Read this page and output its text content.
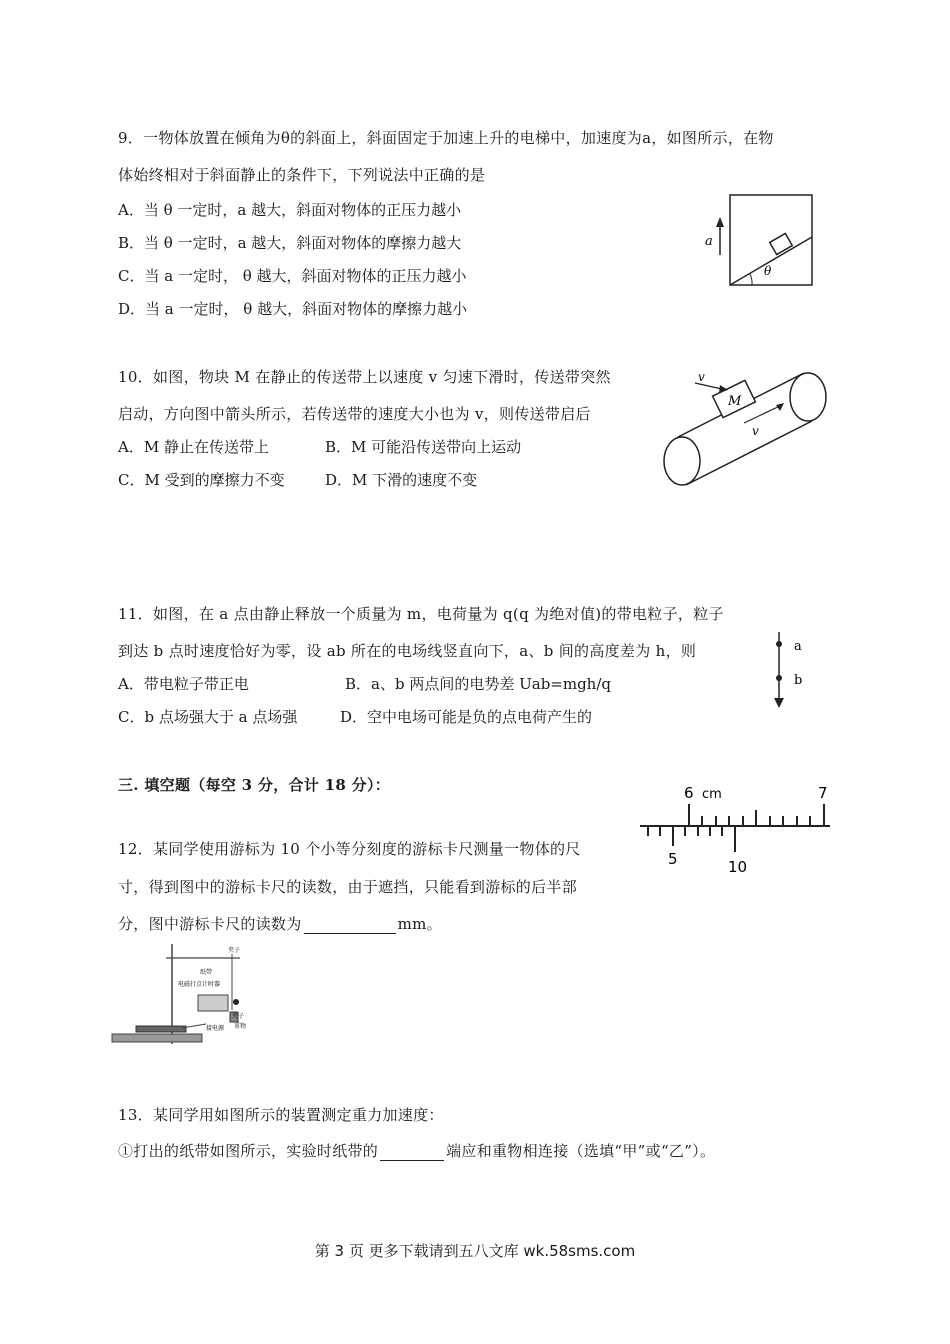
9．一物体放置在倾角为θ的斜面上，斜面固定于加速上升的电梯中，加速度为a，如图所示，在物
体始终相对于斜面静止的条件下，下列说法中正确的是
A．当 θ 一定时，a 越大，斜面对物体的正压力越小
B．当 θ 一定时，a 越大，斜面对物体的摩擦力越大
C．当 a 一定时， θ 越大，斜面对物体的正压力越小
D．当 a 一定时， θ 越大，斜面对物体的摩擦力越小
a
θ
10．如图，物块 M 在静止的传送带上以速度 v 匀速下滑时，传送带突然
启动，方向图中箭头所示，若传送带的速度大小也为 v，则传送带启后
A．M 静止在传送带上	B．M 可能沿传送带向上运动
C．M 受到的摩擦力不变	D．M 下滑的速度不变
M
v
v
11．如图，在 a 点由静止释放一个质量为 m，电荷量为 q(q 为绝对值)的带电粒子，粒子
到达 b 点时速度恰好为零，设 ab 所在的电场线竖直向下，a、b 间的高度差为 h，则
A．带电粒子带正电	B．a、b 两点间的电势差 Uab=mgh/q
C．b 点场强大于 a 点场强	D．空中电场可能是负的点电荷产生的
a
b
三. 填空题（每空 3 分，合计 18 分）：
12．某同学使用游标为 10 个小等分刻度的游标卡尺测量一物体的尺
寸，得到图中的游标卡尺的读数，由于遮挡，只能看到游标的后半部
分，图中游标卡尺的读数为	mm。
6 cm	7
5	10
夹子
纸带
电磁打点计时器
夹子
重物
接电源
13．某同学用如图所示的装置测定重力加速度：
①打出的纸带如图所示，实验时纸带的	端应和重物相连接（选填“甲”或“乙”）。
第 3 页 更多下载请到五八文库 wk.58sms.com
